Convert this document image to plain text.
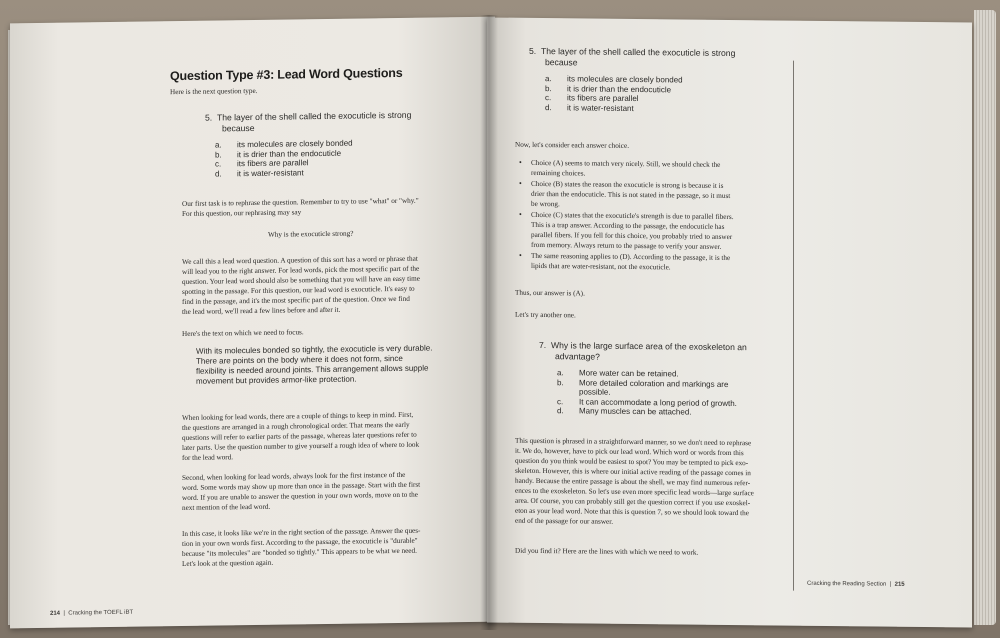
Question Type #3: Lead Word Questions
Here is the next question type.
5. The layer of the shell called the exocuticle is strong
because
a.	its molecules are closely bonded
b.	it is drier than the endocuticle
c.	its fibers are parallel
d.	it is water-resistant
Our first task is to rephrase the question. Remember to try to use "what" or "why."
For this question, our rephrasing may say
Why is the exocuticle strong?
We call this a lead word question. A question of this sort has a word or phrase that
will lead you to the right answer. For lead words, pick the most specific part of the
question. Your lead word should also be something that you will have an easy time
spotting in the passage. For this question, our lead word is exocuticle. It's easy to
find in the passage, and it's the most specific part of the question. Once we find
the lead word, we'll read a few lines before and after it.
Here's the text on which we need to focus.
With its molecules bonded so tightly, the exocuticle is very durable.
There are points on the body where it does not form, since
flexibility is needed around joints. This arrangement allows supple
movement but provides armor-like protection.
When looking for lead words, there are a couple of things to keep in mind. First,
the questions are arranged in a rough chronological order. That means the early
questions will refer to earlier parts of the passage, whereas later questions refer to
later parts. Use the question number to give yourself a rough idea of where to look
for the lead word.
Second, when looking for lead words, always look for the first instance of the
word. Some words may show up more than once in the passage. Start with the first
word. If you are unable to answer the question in your own words, move on to the
next mention of the lead word.
In this case, it looks like we're in the right section of the passage. Answer the ques-
tion in your own words first. According to the passage, the exocuticle is "durable"
because "its molecules" are "bonded so tightly." This appears to be what we need.
Let's look at the question again.
214  |  Cracking the TOEFL iBT
5. The layer of the shell called the exocuticle is strong
because
a.	its molecules are closely bonded
b.	it is drier than the endocuticle
c.	its fibers are parallel
d.	it is water-resistant
Now, let's consider each answer choice.
• Choice (A) seems to match very nicely. Still, we should check the
remaining choices.
• Choice (B) states the reason the exocuticle is strong is because it is
drier than the endocuticle. This is not stated in the passage, so it must
be wrong.
• Choice (C) states that the exocuticle's strength is due to parallel fibers.
This is a trap answer. According to the passage, the endocuticle has
parallel fibers. If you fell for this choice, you probably tried to answer
from memory. Always return to the passage to verify your answer.
• The same reasoning applies to (D). According to the passage, it is the
lipids that are water-resistant, not the exocuticle.
Thus, our answer is (A).
Let's try another one.
7. Why is the large surface area of the exoskeleton an
advantage?
a.	More water can be retained.
b.	More detailed coloration and markings are
possible.
c.	It can accommodate a long period of growth.
d.	Many muscles can be attached.
This question is phrased in a straightforward manner, so we don't need to rephrase
it. We do, however, have to pick our lead word. Which word or words from this
question do you think would be easiest to spot? You may be tempted to pick exo-
skeleton. However, this is where our initial active reading of the passage comes in
handy. Because the entire passage is about the shell, we may find numerous refer-
ences to the exoskeleton. So let's use even more specific lead words—large surface
area. Of course, you can probably still get the question correct if you use exoskel-
eton as your lead word. Note that this is question 7, so we should look toward the
end of the passage for our answer.
Did you find it? Here are the lines with which we need to work.
Cracking the Reading Section  |  215
